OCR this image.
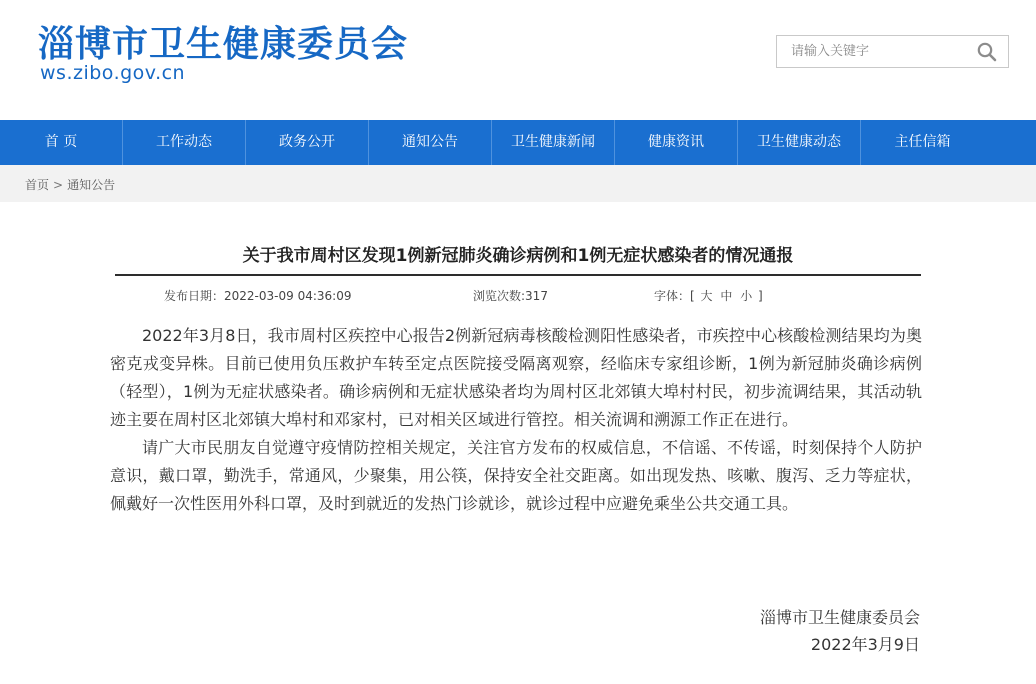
淄博市卫生健康委员会
ws.zibo.gov.cn
请输入关键字
首 页	工作动态	政务公开	通知公告	卫生健康新闻	健康资讯	卫生健康动态	主任信箱
首页 > 通知公告
关于我市周村区发现1例新冠肺炎确诊病例和1例无症状感染者的情况通报
发布日期：2022-03-09 04:36:09	浏览次数:317	字体：[ 大 中 小 ]

2022年3月8日，我市周村区疾控中心报告2例新冠病毒核酸检测阳性感染者，市疾控中心核酸检测结果均为奥密克戎变异株。目前已使用负压救护车转至定点医院接受隔离观察，经临床专家组诊断，1例为新冠肺炎确诊病例（轻型），1例为无症状感染者。确诊病例和无症状感染者均为周村区北郊镇大埠村村民，初步流调结果，其活动轨迹主要在周村区北郊镇大埠村和邓家村，已对相关区域进行管控。相关流调和溯源工作正在进行。

请广大市民朋友自觉遵守疫情防控相关规定，关注官方发布的权威信息，不信谣、不传谣，时刻保持个人防护意识，戴口罩，勤洗手，常通风，少聚集，用公筷，保持安全社交距离。如出现发热、咳嗽、腹泻、乏力等症状，佩戴好一次性医用外科口罩，及时到就近的发热门诊就诊，就诊过程中应避免乘坐公共交通工具。

淄博市卫生健康委员会
2022年3月9日
